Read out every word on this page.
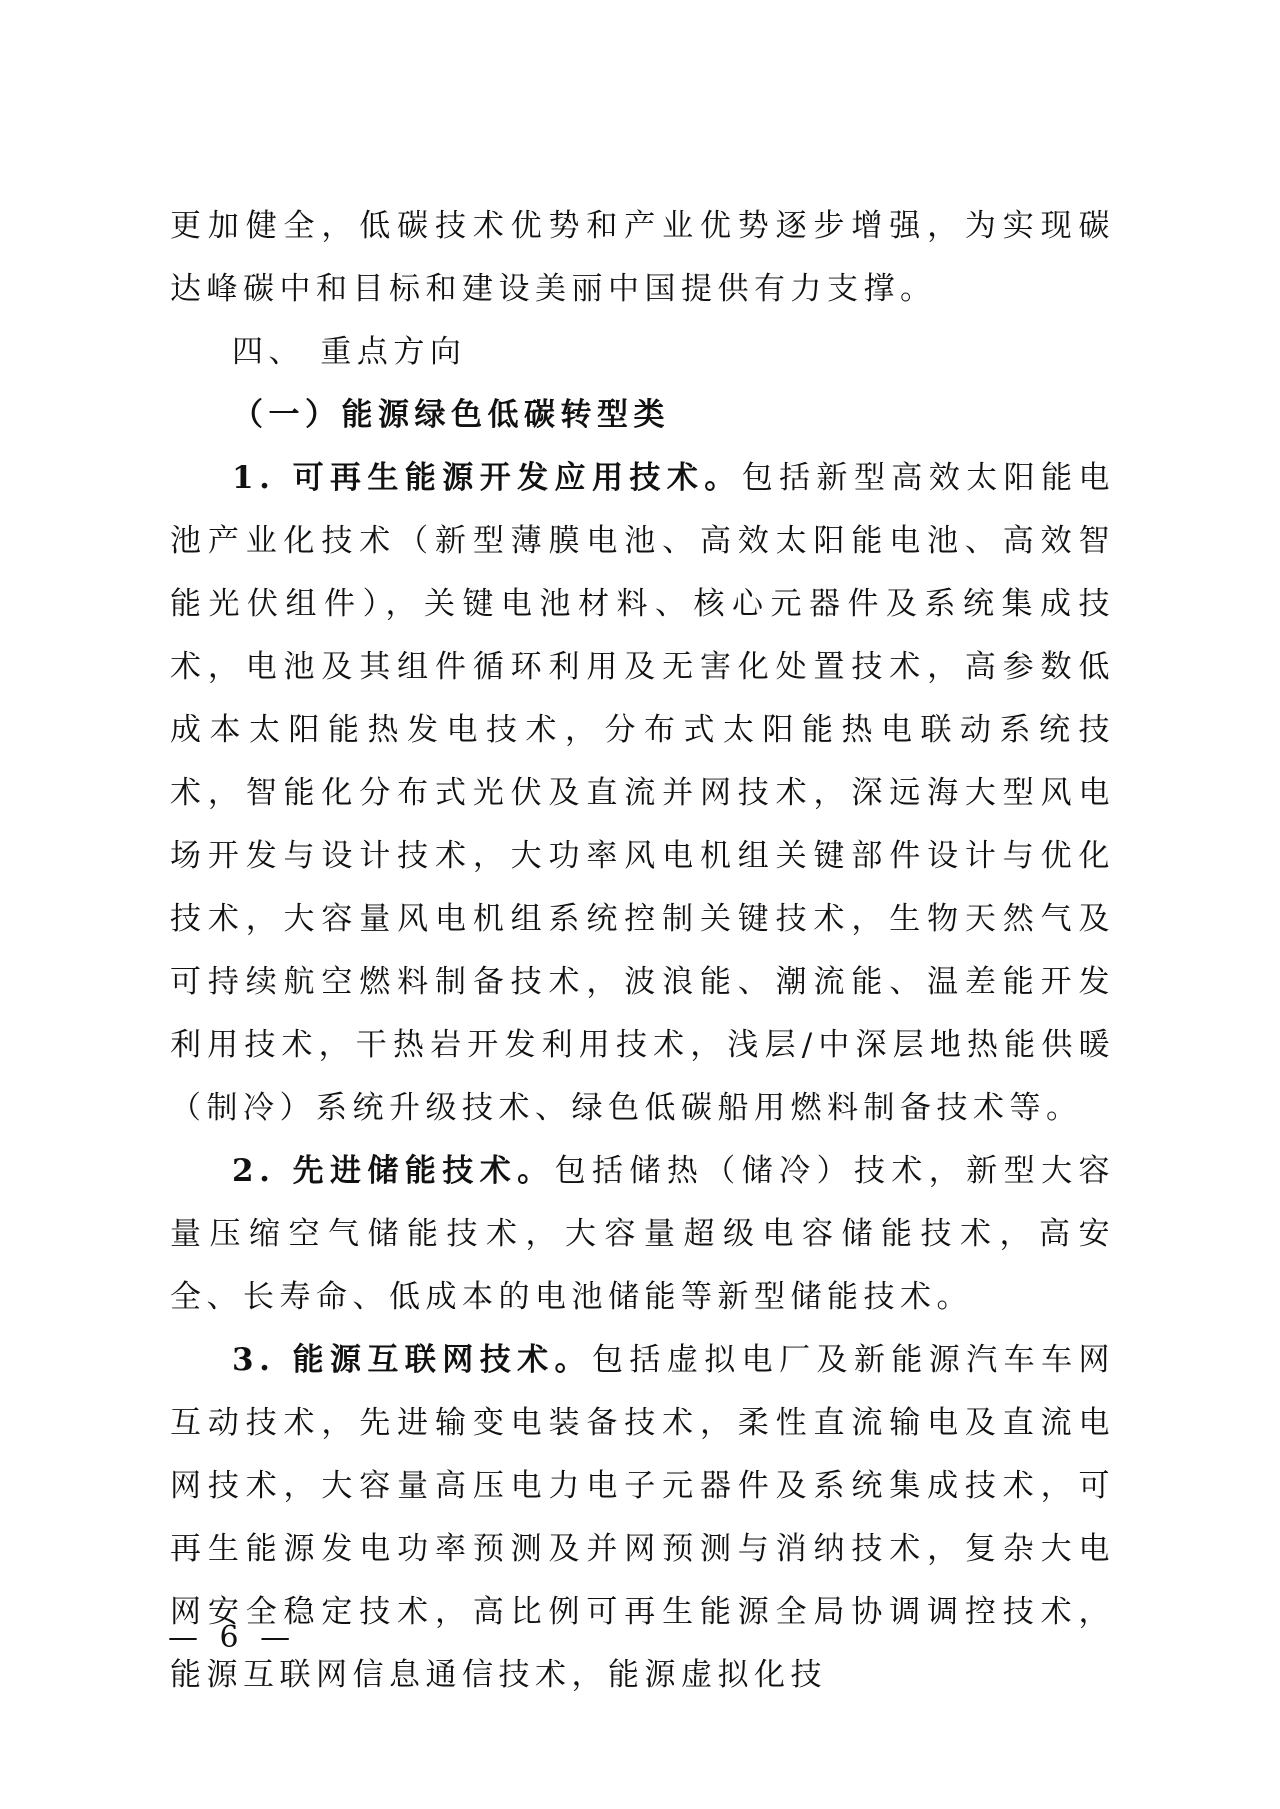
更加健全，低碳技术优势和产业优势逐步增强，为实现碳达峰碳中和目标和建设美丽中国提供有力支撑。

四、 重点方向

（一）能源绿色低碳转型类

1. 可再生能源开发应用技术。包括新型高效太阳能电池产业化技术（新型薄膜电池、高效太阳能电池、高效智能光伏组件），关键电池材料、核心元器件及系统集成技术，电池及其组件循环利用及无害化处置技术，高参数低成本太阳能热发电技术，分布式太阳能热电联动系统技术，智能化分布式光伏及直流并网技术，深远海大型风电场开发与设计技术，大功率风电机组关键部件设计与优化技术，大容量风电机组系统控制关键技术，生物天然气及可持续航空燃料制备技术，波浪能、潮流能、温差能开发利用技术，干热岩开发利用技术，浅层/中深层地热能供暖（制冷）系统升级技术、绿色低碳船用燃料制备技术等。

2. 先进储能技术。包括储热（储冷）技术，新型大容量压缩空气储能技术，大容量超级电容储能技术，高安全、长寿命、低成本的电池储能等新型储能技术。

3. 能源互联网技术。包括虚拟电厂及新能源汽车车网互动技术，先进输变电装备技术，柔性直流输电及直流电网技术，大容量高压电力电子元器件及系统集成技术，可再生能源发电功率预测及并网预测与消纳技术，复杂大电网安全稳定技术，高比例可再生能源全局协调调控技术，能源互联网信息通信技术，能源虚拟化技

— 6 —
